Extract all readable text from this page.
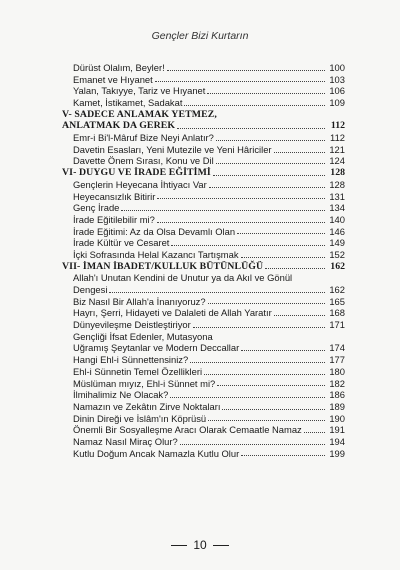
Gençler Bizi Kurtarın
Dürüst Olalım, Beyler!	100
Emanet ve Hıyanet	103
Yalan, Takıyye, Tariz ve Hıyanet	106
Kamet, İstikamet, Sadakat	109
V- SADECE ANLAMAK YETMEZ,
ANLATMAK DA GEREK	112
Emr-i Bi'l-Mâruf Bize Neyi Anlatır?	112
Davetin Esasları, Yeni Mutezile ve Yeni Hâriciler	121
Davette Önem Sırası, Konu ve Dil	124
VI- DUYGU VE İRADE EĞİTİMİ	128
Gençlerin Heyecana İhtiyacı Var	128
Heyecansızlık Bitirir	131
Genç İrade	134
İrade Eğitilebilir mi?	140
İrade Eğitimi: Az da Olsa Devamlı Olan	146
İrade Kültür ve Cesaret	149
İçki Sofrasında Helal Kazancı Tartışmak	152
VII- İMAN İBADET/KULLUK BÜTÜNLÜĞÜ	162
Allah'ı Unutan Kendini de Unutur ya da Akıl ve Gönül
Dengesi	162
Biz Nasıl Bir Allah'a İnanıyoruz?	165
Hayrı, Şerri, Hidayeti ve Dalaleti de Allah Yaratır	168
Dünyevileşme Deistleştiriyor	171
Gençliği İfsat Edenler, Mutasyona
Uğramış Şeytanlar ve Modern Deccallar	174
Hangi Ehl-i Sünnettensiniz?	177
Ehl-i Sünnetin Temel Özellikleri	180
Müslüman mıyız, Ehl-i Sünnet mi?	182
İlmihalimiz Ne Olacak?	186
Namazın ve Zekâtın Zirve Noktaları	189
Dinin Direği ve İslâm'ın Köprüsü	190
Önemli Bir Sosyalleşme Aracı Olarak Cemaatle Namaz	191
Namaz Nasıl Miraç Olur?	194
Kutlu Doğum Ancak Namazla Kutlu Olur	199
10
